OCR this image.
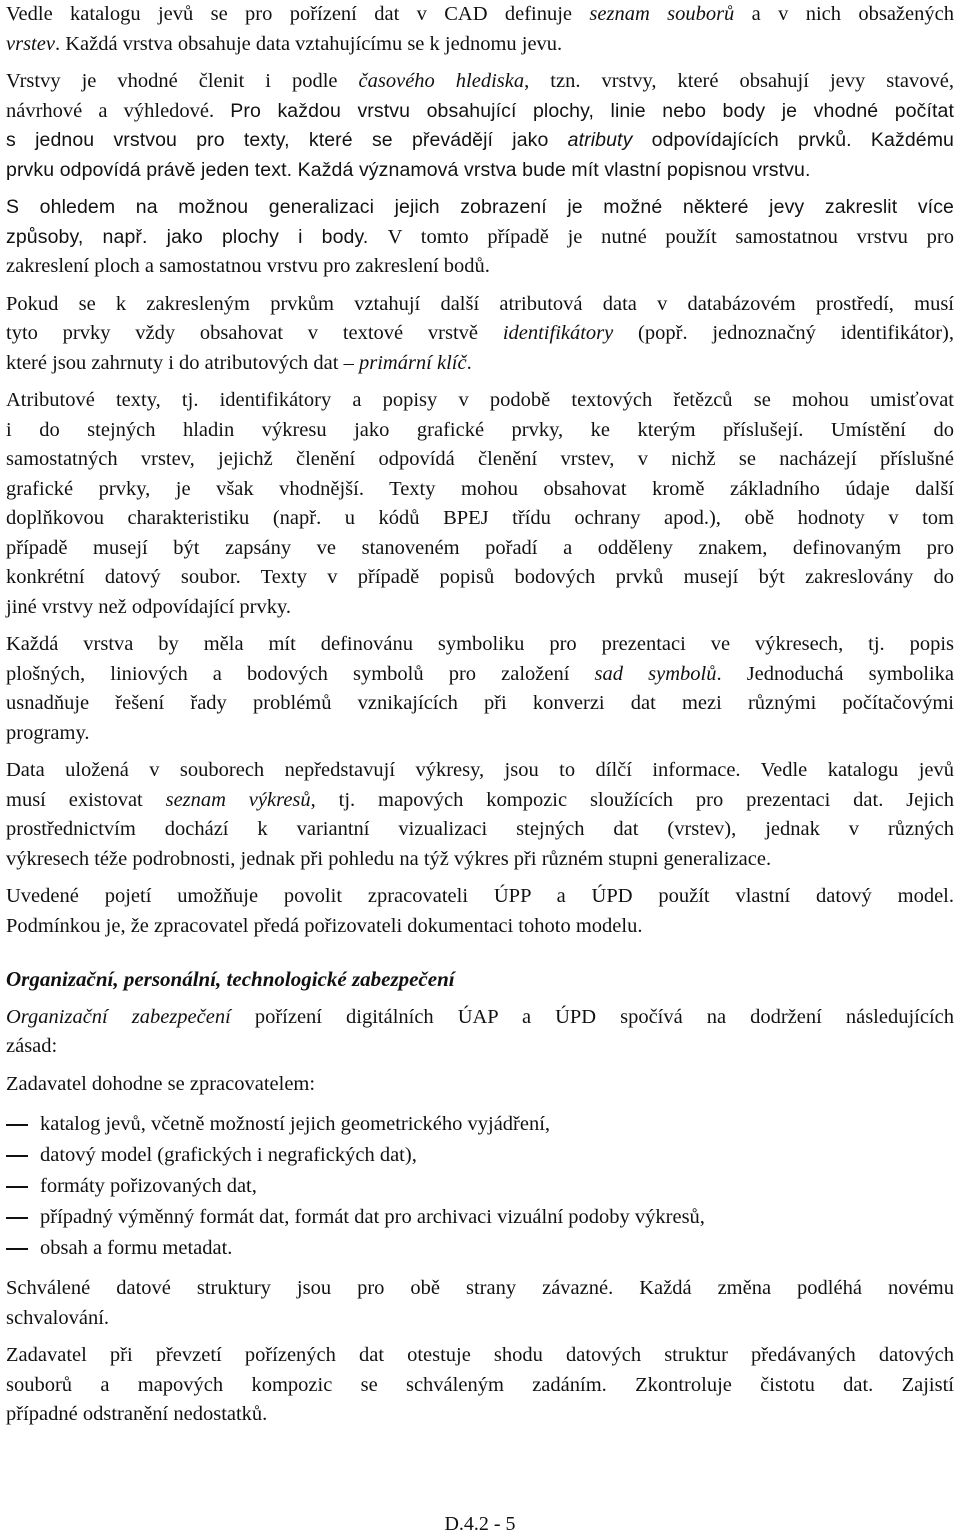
Vedle katalogu jevů se pro pořízení dat v CAD definuje seznam souborů a v nich obsažených
vrstev. Každá vrstva obsahuje data vztahujícímu se k jednomu jevu.

Vrstvy je vhodné členit i podle časového hlediska, tzn. vrstvy, které obsahují jevy stavové,
návrhové a výhledové. Pro každou vrstvu obsahující plochy, linie nebo body je vhodné počítat
s jednou vrstvou pro texty, které se převádějí jako atributy odpovídajících prvků. Každému
prvku odpovídá právě jeden text. Každá významová vrstva bude mít vlastní popisnou vrstvu.

S ohledem na možnou generalizaci jejich zobrazení je možné některé jevy zakreslit více
způsoby, např. jako plochy i body. V tomto případě je nutné použít samostatnou vrstvu pro
zakreslení ploch a samostatnou vrstvu pro zakreslení bodů.

Pokud se k zakresleným prvkům vztahují další atributová data v databázovém prostředí, musí
tyto prvky vždy obsahovat v textové vrstvě identifikátory (popř. jednoznačný identifikátor),
které jsou zahrnuty i do atributových dat – primární klíč.

Atributové texty, tj. identifikátory a popisy v podobě textových řetězců se mohou umisťovat
i do stejných hladin výkresu jako grafické prvky, ke kterým příslušejí. Umístění do
samostatných vrstev, jejichž členění odpovídá členění vrstev, v nichž se nacházejí příslušné
grafické prvky, je však vhodnější. Texty mohou obsahovat kromě základního údaje další
doplňkovou charakteristiku (např. u kódů BPEJ třídu ochrany apod.), obě hodnoty v tom
případě musejí být zapsány ve stanoveném pořadí a odděleny znakem, definovaným pro
konkrétní datový soubor. Texty v případě popisů bodových prvků musejí být zakreslovány do
jiné vrstvy než odpovídající prvky.

Každá vrstva by měla mít definovánu symboliku pro prezentaci ve výkresech, tj. popis
plošných, liniových a bodových symbolů pro založení sad symbolů. Jednoduchá symbolika
usnadňuje řešení řady problémů vznikajících při konverzi dat mezi různými počítačovými
programy.

Data uložená v souborech nepředstavují výkresy, jsou to dílčí informace. Vedle katalogu jevů
musí existovat seznam výkresů, tj. mapových kompozic sloužících pro prezentaci dat. Jejich
prostřednictvím dochází k variantní vizualizaci stejných dat (vrstev), jednak v různých
výkresech téže podrobnosti, jednak při pohledu na týž výkres při různém stupni generalizace.

Uvedené pojetí umožňuje povolit zpracovateli ÚPP a ÚPD použít vlastní datový model.
Podmínkou je, že zpracovatel předá pořizovateli dokumentaci tohoto modelu.

Organizační, personální, technologické zabezpečení

Organizační zabezpečení pořízení digitálních ÚAP a ÚPD spočívá na dodržení následujících
zásad:

Zadavatel dohodne se zpracovatelem:

katalog jevů, včetně možností jejich geometrického vyjádření,
datový model (grafických i negrafických dat),
formáty pořizovaných dat,
případný výměnný formát dat, formát dat pro archivaci vizuální podoby výkresů,
obsah a formu metadat.

Schválené datové struktury jsou pro obě strany závazné. Každá změna podléhá novému
schvalování.

Zadavatel při převzetí pořízených dat otestuje shodu datových struktur předávaných datových
souborů a mapových kompozic se schváleným zadáním. Zkontroluje čistotu dat. Zajistí
případné odstranění nedostatků.

D.4.2 - 5
